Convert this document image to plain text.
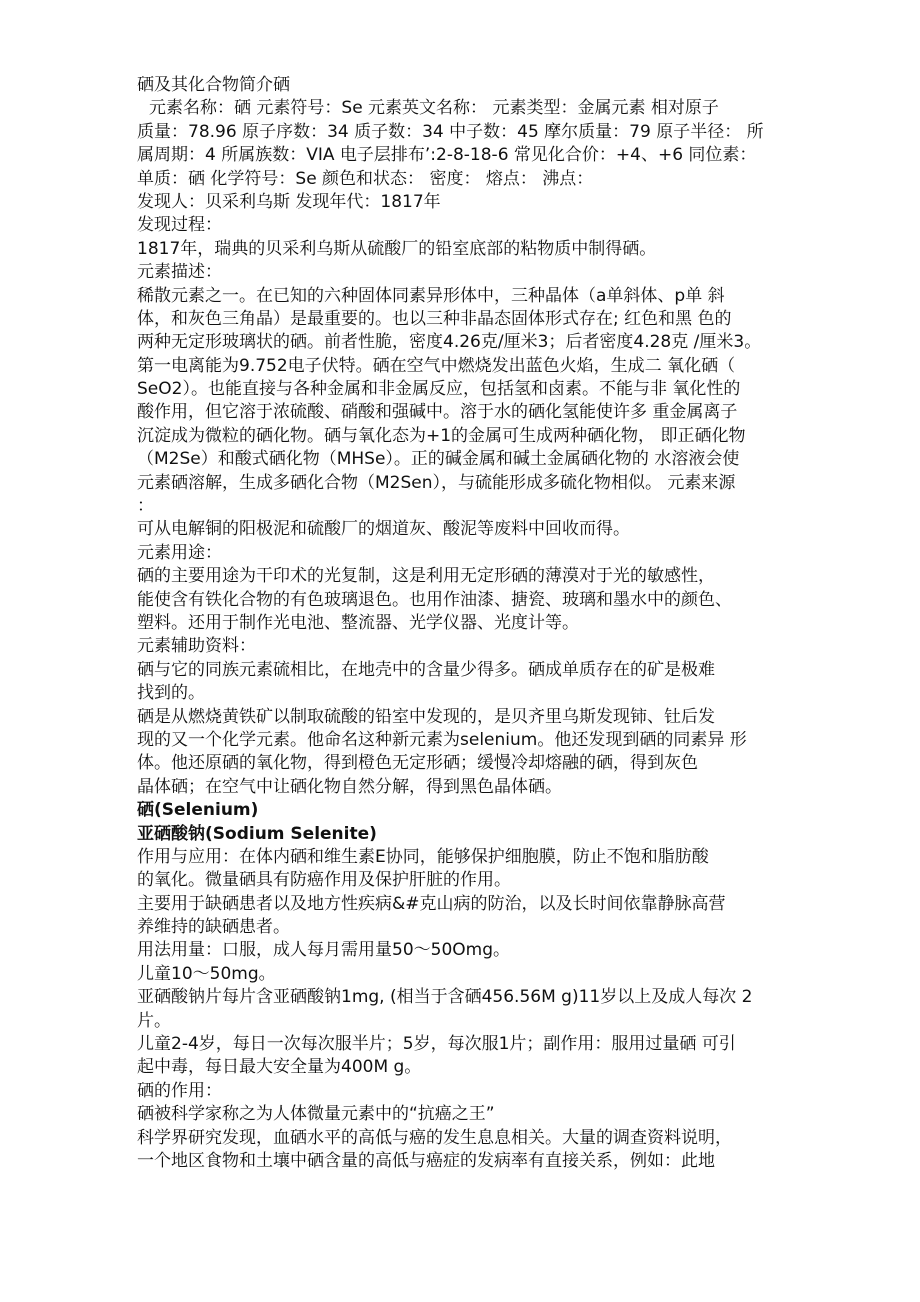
硒及其化合物简介硒
元素名称：硒 元素符号：Se 元素英文名称： 元素类型：金属元素 相对原子
质量：78.96 原子序数：34 质子数：34 中子数：45 摩尔质量：79 原子半径： 所
属周期：4 所属族数：VIA 电子层排布’:2-8-18-6 常见化合价：+4、+6 同位素：
单质：硒 化学符号：Se 颜色和状态： 密度： 熔点： 沸点：
发现人：贝采利乌斯 发现年代：1817年
发现过程：
1817年，瑞典的贝采利乌斯从硫酸厂的铅室底部的粘物质中制得硒。
元素描述：
稀散元素之一。在已知的六种固体同素异形体中，三种晶体（a单斜体、p单 斜
体，和灰色三角晶）是最重要的。也以三种非晶态固体形式存在; 红色和黑 色的
两种无定形玻璃状的硒。前者性脆，密度4.26克/厘米3；后者密度4.28克 /厘米3。
第一电离能为9.752电子伏特。硒在空气中燃烧发出蓝色火焰，生成二 氧化硒（
SeO2）。也能直接与各种金属和非金属反应，包括氢和卤素。不能与非 氧化性的
酸作用，但它溶于浓硫酸、硝酸和强碱中。溶于水的硒化氢能使许多 重金属离子
沉淀成为微粒的硒化物。硒与氧化态为+1的金属可生成两种硒化物， 即正硒化物
（M2Se）和酸式硒化物（MHSe）。正的碱金属和碱土金属硒化物的 水溶液会使
元素硒溶解，生成多硒化合物（M2Sen），与硫能形成多硫化物相似。 元素来源
：
可从电解铜的阳极泥和硫酸厂的烟道灰、酸泥等废料中回收而得。
元素用途：
硒的主要用途为干印术的光复制，这是利用无定形硒的薄漠对于光的敏感性，
能使含有铁化合物的有色玻璃退色。也用作油漆、搪瓷、玻璃和墨水中的颜色、
塑料。还用于制作光电池、整流器、光学仪器、光度计等。
元素辅助资料：
硒与它的同族元素硫相比，在地壳中的含量少得多。硒成单质存在的矿是极难
找到的。
硒是从燃烧黄铁矿以制取硫酸的铅室中发现的，是贝齐里乌斯发现铈、钍后发
现的又一个化学元素。他命名这种新元素为selenium。他还发现到硒的同素异 形
体。他还原硒的氧化物，得到橙色无定形硒；缓慢冷却熔融的硒，得到灰色
晶体硒；在空气中让硒化物自然分解，得到黑色晶体硒。
硒(Selenium)
亚硒酸钠(Sodium Selenite)
作用与应用：在体内硒和维生素E协同，能够保护细胞膜，防止不饱和脂肪酸
的氧化。微量硒具有防癌作用及保护肝脏的作用。
主要用于缺硒患者以及地方性疾病&#克山病的防治，以及长时间依靠静脉高营
养维持的缺硒患者。
用法用量：口服，成人每月需用量50〜50Omg。
儿童10〜50mg。
亚硒酸钠片每片含亚硒酸钠1mg, (相当于含硒456.56M g)11岁以上及成人每次 2
片。
儿童2-4岁，每日一次每次服半片；5岁，每次服1片；副作用：服用过量硒 可引
起中毒，每日最大安全量为400M g。
硒的作用：
硒被科学家称之为人体微量元素中的“抗癌之王”
科学界研究发现，血硒水平的高低与癌的发生息息相关。大量的调查资料说明，
一个地区食物和土壤中硒含量的高低与癌症的发病率有直接关系，例如：此地
